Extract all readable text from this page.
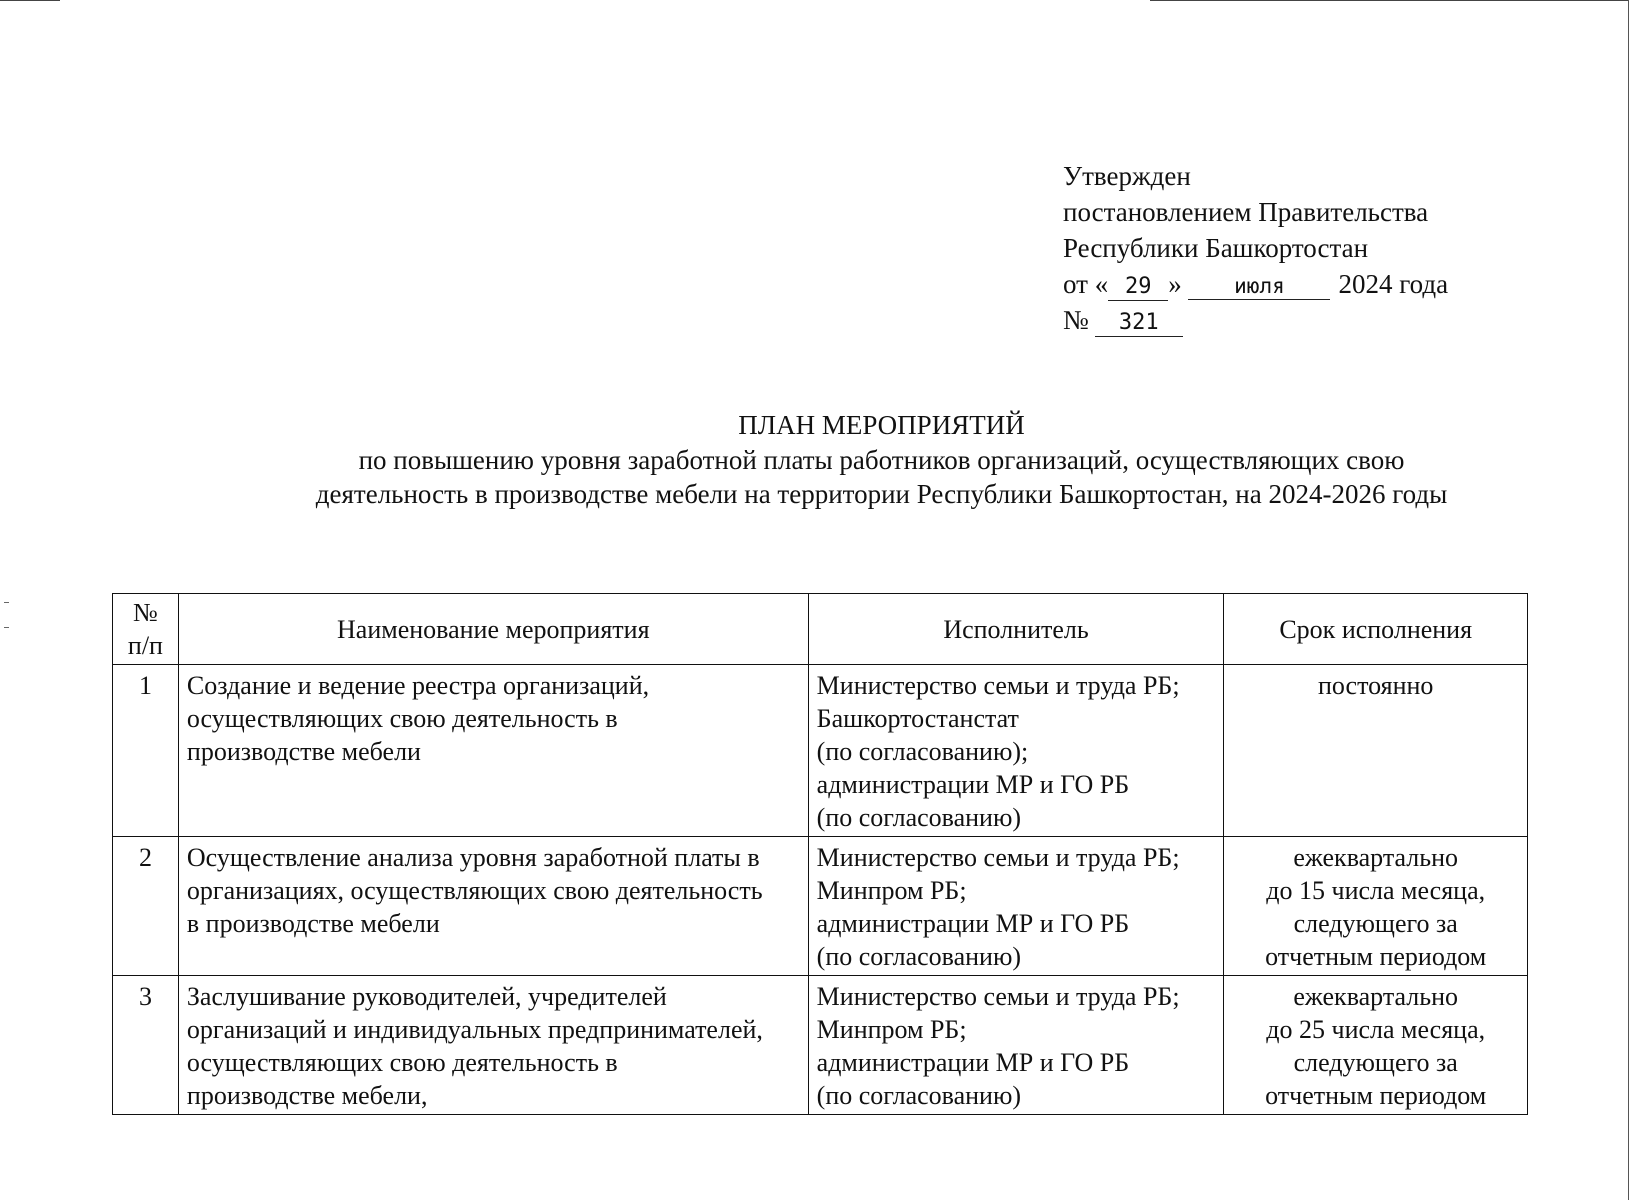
Утвержден
постановлением Правительства
Республики Башкортостан
от « 29 » июля 2024 года
№ 321
ПЛАН МЕРОПРИЯТИЙ
по повышению уровня заработной платы работников организаций, осуществляющих свою
деятельность в производстве мебели на территории Республики Башкортостан, на 2024-2026 годы
№
п/п	Наименование мероприятия	Исполнитель	Срок исполнения
1	Создание и ведение реестра организаций,
осуществляющих свою деятельность в
производстве мебели	Министерство семьи и труда РБ;
Башкортостанстат
(по согласованию);
администрации МР и ГО РБ
(по согласованию)	постоянно

2	Осуществление анализа уровня заработной платы в
организациях, осуществляющих свою деятельность
в производстве мебели	Министерство семьи и труда РБ;
Минпром РБ;
администрации МР и ГО РБ
(по согласованию)	ежеквартально
до 15 числа месяца,
следующего за
отчетным периодом

3	Заслушивание руководителей, учредителей
организаций и индивидуальных предпринимателей,
осуществляющих свою деятельность в
производстве мебели,	Министерство семьи и труда РБ;
Минпром РБ;
администрации МР и ГО РБ
(по согласованию)	ежеквартально
до 25 числа месяца,
следующего за
отчетным периодом
